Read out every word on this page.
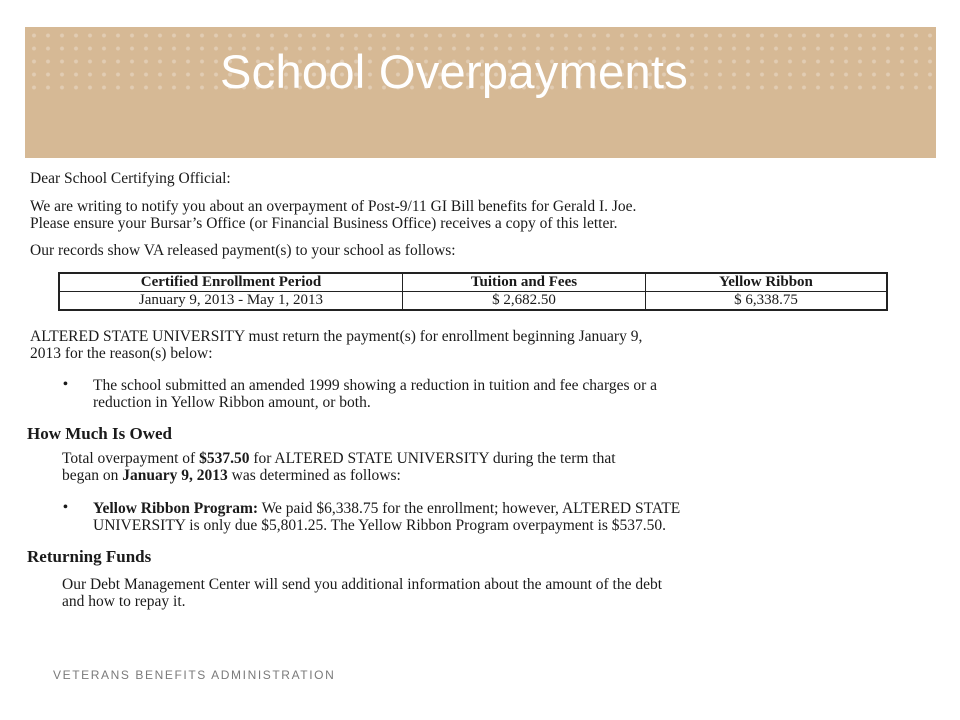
School Overpayments
Dear School Certifying Official:
We are writing to notify you about an overpayment of Post-9/11 GI Bill benefits for Gerald I. Joe.
Please ensure your Bursar’s Office (or Financial Business Office) receives a copy of this letter.
Our records show VA released payment(s) to your school as follows:
Certified Enrollment Period	Tuition and Fees	Yellow Ribbon
January 9, 2013 - May 1, 2013	$ 2,682.50	$ 6,338.75
ALTERED STATE UNIVERSITY must return the payment(s) for enrollment beginning January 9,
2013 for the reason(s) below:
• The school submitted an amended 1999 showing a reduction in tuition and fee charges or a
reduction in Yellow Ribbon amount, or both.
How Much Is Owed
Total overpayment of $537.50 for ALTERED STATE UNIVERSITY during the term that
began on January 9, 2013 was determined as follows:
• Yellow Ribbon Program: We paid $6,338.75 for the enrollment; however, ALTERED STATE
UNIVERSITY is only due $5,801.25. The Yellow Ribbon Program overpayment is $537.50.
Returning Funds
Our Debt Management Center will send you additional information about the amount of the debt
and how to repay it.
VETERANS BENEFITS ADMINISTRATION
